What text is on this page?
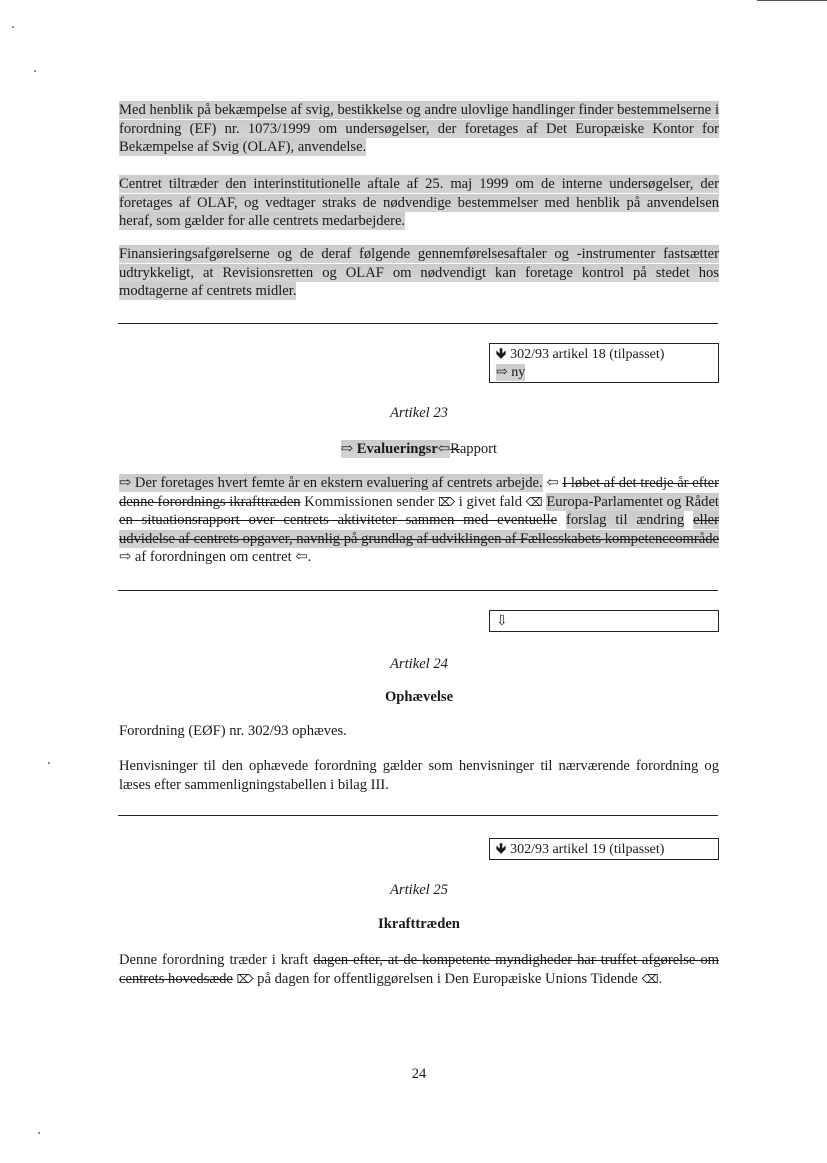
Med henblik på bekæmpelse af svig, bestikkelse og andre ulovlige handlinger finder bestemmelserne i forordning (EF) nr. 1073/1999 om undersøgelser, der foretages af Det Europæiske Kontor for Bekæmpelse af Svig (OLAF), anvendelse.

Centret tiltræder den interinstitutionelle aftale af 25. maj 1999 om de interne undersøgelser, der foretages af OLAF, og vedtager straks de nødvendige bestemmelser med henblik på anvendelsen heraf, som gælder for alle centrets medarbejdere.

Finansieringsafgørelserne og de deraf følgende gennemførelsesaftaler og -instrumenter fastsætter udtrykkeligt, at Revisionsretten og OLAF om nødvendigt kan foretage kontrol på stedet hos modtagerne af centrets midler.

🡻 302/93 artikel 18 (tilpasset)
⇨ ny

Artikel 23

⇨ Evalueringsr⇦Rapport

⇨ Der foretages hvert femte år en ekstern evaluering af centrets arbejde. ⇦ I løbet af det tredje år efter denne forordnings ikrafttræden Kommissionen sender ⌦ i givet fald ⌫ Europa-Parlamentet og Rådet en situationsrapport over centrets aktiviteter sammen med eventuelle forslag til ændring eller udvidelse af centrets opgaver, navnlig på grundlag af udviklingen af Fællesskabets kompetenceområde ⇨ af forordningen om centret ⇦.

⇩

Artikel 24

Ophævelse

Forordning (EØF) nr. 302/93 ophæves.

Henvisninger til den ophævede forordning gælder som henvisninger til nærværende forordning og læses efter sammenligningstabellen i bilag III.

🡻 302/93 artikel 19 (tilpasset)

Artikel 25

Ikrafttræden

Denne forordning træder i kraft dagen efter, at de kompetente myndigheder har truffet afgørelse om centrets hovedsæde ⌦ på dagen for offentliggørelsen i Den Europæiske Unions Tidende ⌫.

24
